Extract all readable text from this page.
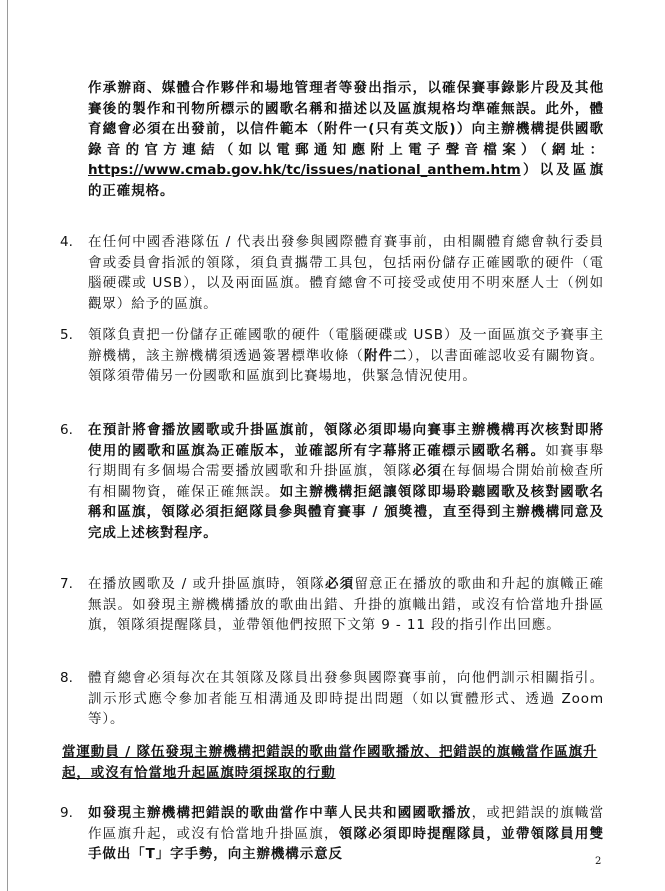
作承辦商、媒體合作夥伴和場地管理者等發出指示，以確保賽事錄影片段及其他賽後的製作和刊物所標示的國歌名稱和描述以及區旗規格均準確無誤。此外，體育總會必須在出發前，以信件範本（附件一(只有英文版)）向主辦機構提供國歌錄音的官方連結（如以電郵通知應附上電子聲音檔案）（網址：https://www.cmab.gov.hk/tc/issues/national_anthem.htm）以及區旗的正確規格。
4. 在任何中國香港隊伍 / 代表出發參與國際體育賽事前，由相關體育總會執行委員會或委員會指派的領隊，須負責攜帶工具包，包括兩份儲存正確國歌的硬件（電腦硬碟或 USB），以及兩面區旗。體育總會不可接受或使用不明來歷人士（例如觀眾）給予的區旗。
5. 領隊負責把一份儲存正確國歌的硬件（電腦硬碟或 USB）及一面區旗交予賽事主辦機構，該主辦機構須透過簽署標準收條（附件二），以書面確認收妥有關物資。領隊須帶備另一份國歌和區旗到比賽場地，供緊急情況使用。
6. 在預計將會播放國歌或升掛區旗前，領隊必須即場向賽事主辦機構再次核對即將使用的國歌和區旗為正確版本，並確認所有字幕將正確標示國歌名稱。如賽事舉行期間有多個場合需要播放國歌和升掛區旗，領隊必須在每個場合開始前檢查所有相關物資，確保正確無誤。如主辦機構拒絕讓領隊即場聆聽國歌及核對國歌名稱和區旗，領隊必須拒絕隊員參與體育賽事 / 頒獎禮，直至得到主辦機構同意及完成上述核對程序。
7. 在播放國歌及 / 或升掛區旗時，領隊必須留意正在播放的歌曲和升起的旗幟正確無誤。如發現主辦機構播放的歌曲出錯、升掛的旗幟出錯，或沒有恰當地升掛區旗，領隊須提醒隊員，並帶領他們按照下文第 9 - 11 段的指引作出回應。
8. 體育總會必須每次在其領隊及隊員出發參與國際賽事前，向他們訓示相關指引。訓示形式應令參加者能互相溝通及即時提出問題（如以實體形式、透過 Zoom 等）。
當運動員 / 隊伍發現主辦機構把錯誤的歌曲當作國歌播放、把錯誤的旗幟當作區旗升起，或沒有恰當地升起區旗時須採取的行動
9. 如發現主辦機構把錯誤的歌曲當作中華人民共和國國歌播放，或把錯誤的旗幟當作區旗升起，或沒有恰當地升掛區旗，領隊必須即時提醒隊員，並帶領隊員用雙手做出「T」字手勢，向主辦機構示意反	2
